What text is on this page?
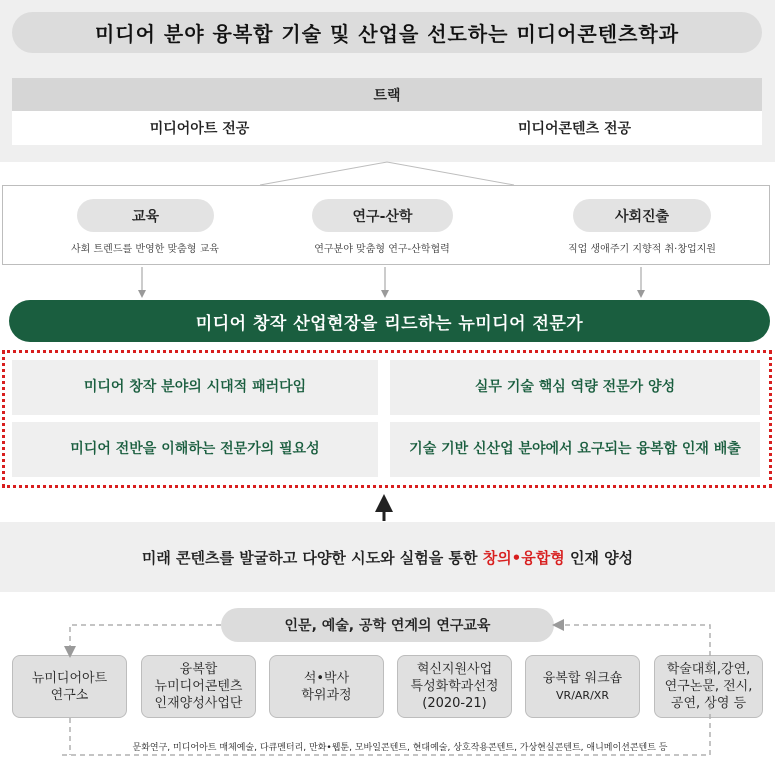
미디어 분야 융복합 기술 및 산업을 선도하는 미디어콘텐츠학과
트랙
미디어아트 전공	미디어콘텐츠 전공
교육
사회 트렌드를 반영한 맞춤형 교육
연구-산학
연구분야 맞춤형 연구-산학협력
사회진출
직업 생애주기 지향적 취·창업지원
미디어 창작 산업현장을 리드하는 뉴미디어 전문가
미디어 창작 분야의 시대적 패러다임	실무 기술 핵심 역량 전문가 양성
미디어 전반을 이해하는 전문가의 필요성	기술 기반 신산업 분야에서 요구되는 융복합 인재 배출
미래 콘텐츠를 발굴하고 다양한 시도와 실험을 통한 창의•융합형 인재 양성
인문, 예술, 공학 연계의 연구교육
뉴미디어아트
연구소
융복합
뉴미디어콘텐츠
인재양성사업단
석•박사
학위과정
혁신지원사업
특성화학과선정
(2020-21)
융복합 워크숍
VR/AR/XR
학술대회,강연,
연구논문, 전시,
공연, 상영 등
문화연구, 미디어아트 매체예술, 다큐멘터리, 만화•웹툰, 모바일콘텐트, 현대예술, 상호작용콘텐트, 가상현실콘텐트, 애니메이션콘텐트 등
